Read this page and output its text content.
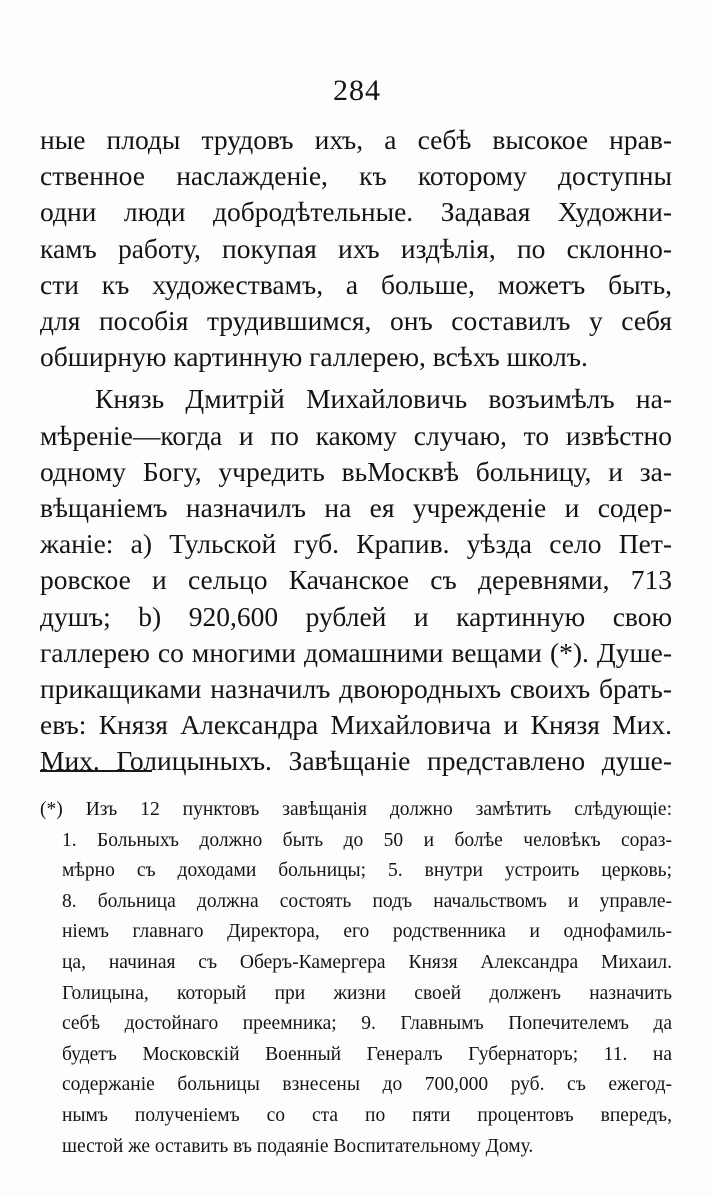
284

ные плоды трудовъ ихъ, а себѣ высокое нрав-
ственное наслажденіе, къ которому доступны
одни люди добродѣтельные. Задавая Художни-
камъ работу, покупая ихъ издѣлія, по склонно-
сти къ художествамъ, а больше, можетъ быть,
для пособія трудившимся, онъ составилъ у себя
обширную картинную галлерею, всѣхъ школъ.

Князь Дмитрій Михайловичь возъимѣлъ на-
мѣреніе—когда и по какому случаю, то извѣстно
одному Богу, учредить вьМосквѣ больницу, и за-
вѣщаніемъ назначилъ на ея учрежденіе и содер-
жаніе: а) Тульской губ. Крапив. уѣзда село Пет-
ровское и сельцо Качанское съ деревнями, 713
душъ; b) 920,600 рублей и картинную свою
галлерею со многими домашними вещами (*). Душе-
прикащиками назначилъ двоюродныхъ своихъ брать-
евъ: Князя Александра Михайловича и Князя Мих.
Мих. Голицыныхъ. Завѣщаніе представлено душе-

(*) Изъ 12 пунктовъ завѣщанія должно замѣтить слѣдующіе:
1. Больныхъ должно быть до 50 и болѣе человѣкъ сораз-
мѣрно съ доходами больницы; 5. внутри устроить церковь;
8. больница должна состоять подъ начальствомъ и управле-
ніемъ главнаго Директора, его родственника и однофамиль-
ца, начиная съ Оберъ-Камергера Князя Александра Михаил.
Голицына, который при жизни своей долженъ назначить
себѣ достойнаго преемника; 9. Главнымъ Попечителемъ да
будетъ Московскій Военный Генералъ Губернаторъ; 11. на
содержаніе больницы взнесены до 700,000 руб. съ ежегод-
нымъ полученіемъ со ста по пяти процентовъ впередъ,
шестой же оставить въ подаяніе Воспитательному Дому.
